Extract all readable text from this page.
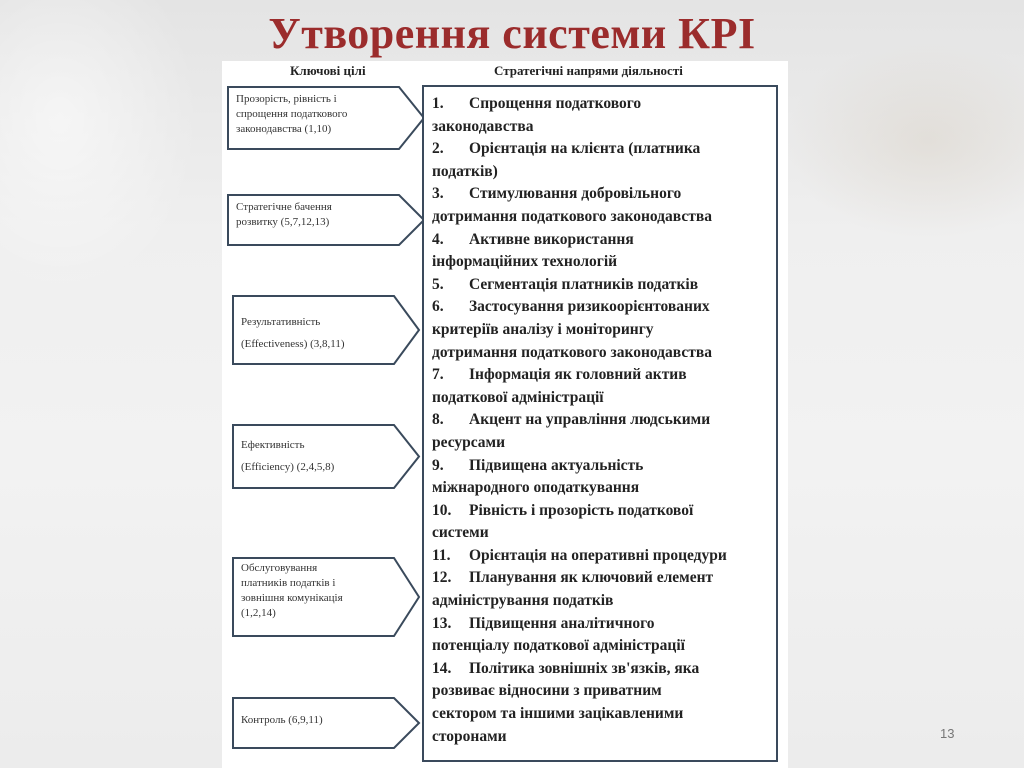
Утворення системи КРІ
Ключові цілі	Стратегічні напрями діяльності
Прозорість, рівність і
спрощення податкового
законодавства (1,10)
Стратегічне бачення
розвитку (5,7,12,13)
Результативність
(Effectiveness) (3,8,11)
Ефективність
(Efficiency) (2,4,5,8)
Обслуговування
платників податків і
зовнішня комунікація
(1,2,14)
Контроль (6,9,11)
1. Спрощення податкового
законодавства
2. Орієнтація на клієнта (платника
податків)
3. Стимулювання добровільного
дотримання податкового законодавства
4. Активне використання
інформаційних технологій
5. Сегментація платників податків
6. Застосування ризикоорієнтованих
критеріїв аналізу і моніторингу
дотримання податкового законодавства
7. Інформація як головний актив
податкової адміністрації
8. Акцент на управління людськими
ресурсами
9. Підвищена актуальність
міжнародного оподаткування
10. Рівність і прозорість податкової
системи
11. Орієнтація на оперативні процедури
12. Планування як ключовий елемент
адміністрування податків
13. Підвищення аналітичного
потенціалу податкової адміністрації
14. Політика зовнішніх зв'язків, яка
розвиває відносини з приватним
сектором та іншими зацікавленими
сторонами	13
